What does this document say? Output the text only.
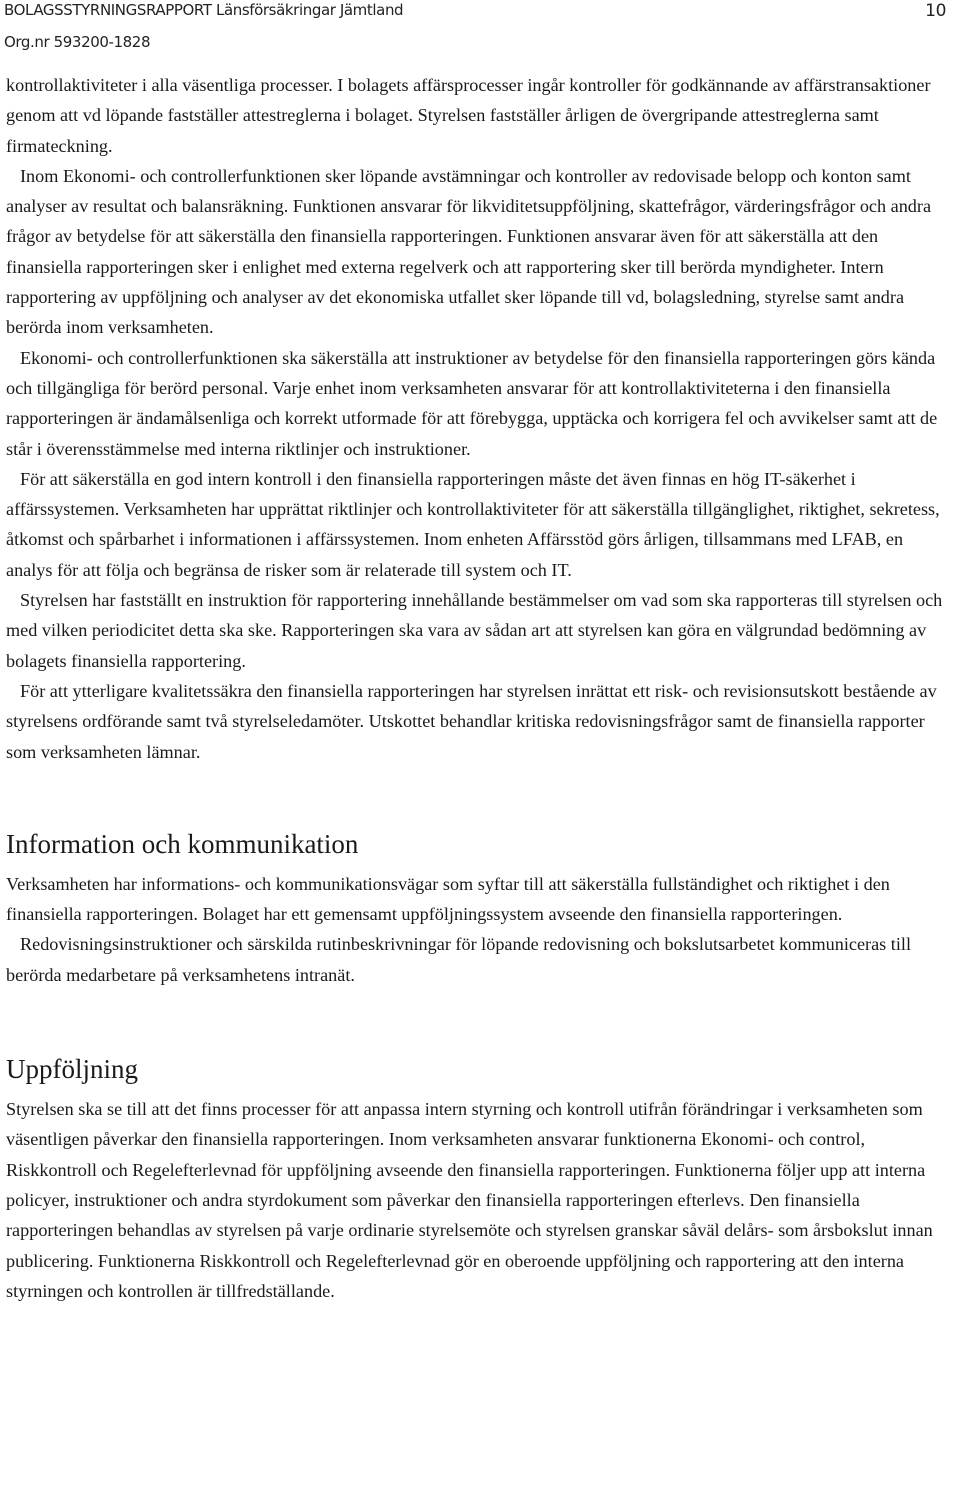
BOLAGSSTYRNINGSRAPPORT Länsförsäkringar Jämtland
Org.nr 593200-1828
10

kontrollaktiviteter i alla väsentliga processer. I bolagets affärsprocesser ingår kontroller för godkännande av affärstransaktioner genom att vd löpande fastställer attestreglerna i bolaget. Styrelsen fastställer årligen de övergripande attestreglerna samt firmateckning.

Inom Ekonomi- och controllerfunktionen sker löpande avstämningar och kontroller av redovisade belopp och konton samt analyser av resultat och balansräkning. Funktionen ansvarar för likviditetsuppföljning, skattefrågor, värderingsfrågor och andra frågor av betydelse för att säkerställa den finansiella rapporteringen. Funktionen ansvarar även för att säkerställa att den finansiella rapporteringen sker i enlighet med externa regelverk och att rapportering sker till berörda myndigheter. Intern rapportering av uppföljning och analyser av det ekonomiska utfallet sker löpande till vd, bolagsledning, styrelse samt andra berörda inom verksamheten.

Ekonomi- och controllerfunktionen ska säkerställa att instruktioner av betydelse för den finansiella rapporteringen görs kända och tillgängliga för berörd personal. Varje enhet inom verksamheten ansvarar för att kontrollaktiviteterna i den finansiella rapporteringen är ändamålsenliga och korrekt utformade för att förebygga, upptäcka och korrigera fel och avvikelser samt att de står i överensstämmelse med interna riktlinjer och instruktioner.

För att säkerställa en god intern kontroll i den finansiella rapporteringen måste det även finnas en hög IT-säkerhet i affärssystemen. Verksamheten har upprättat riktlinjer och kontrollaktiviteter för att säkerställa tillgänglighet, riktighet, sekretess, åtkomst och spårbarhet i informationen i affärssystemen. Inom enheten Affärsstöd görs årligen, tillsammans med LFAB, en analys för att följa och begränsa de risker som är relaterade till system och IT.

Styrelsen har fastställt en instruktion för rapportering innehållande bestämmelser om vad som ska rapporteras till styrelsen och med vilken periodicitet detta ska ske. Rapporteringen ska vara av sådan art att styrelsen kan göra en välgrundad bedömning av bolagets finansiella rapportering.

För att ytterligare kvalitetssäkra den finansiella rapporteringen har styrelsen inrättat ett risk- och revisionsutskott bestående av styrelsens ordförande samt två styrelseledamöter. Utskottet behandlar kritiska redovisningsfrågor samt de finansiella rapporter som verksamheten lämnar.

Information och kommunikation

Verksamheten har informations- och kommunikationsvägar som syftar till att säkerställa fullständighet och riktighet i den finansiella rapporteringen. Bolaget har ett gemensamt uppföljningssystem avseende den finansiella rapporteringen.

Redovisningsinstruktioner och särskilda rutinbeskrivningar för löpande redovisning och bokslutsarbetet kommuniceras till berörda medarbetare på verksamhetens intranät.

Uppföljning

Styrelsen ska se till att det finns processer för att anpassa intern styrning och kontroll utifrån förändringar i verksamheten som väsentligen påverkar den finansiella rapporteringen. Inom verksamheten ansvarar funktionerna Ekonomi- och control, Riskkontroll och Regelefterlevnad för uppföljning avseende den finansiella rapporteringen. Funktionerna följer upp att interna policyer, instruktioner och andra styrdokument som påverkar den finansiella rapporteringen efterlevs. Den finansiella rapporteringen behandlas av styrelsen på varje ordinarie styrelsemöte och styrelsen granskar såväl delårs- som årsbokslut innan publicering. Funktionerna Riskkontroll och Regelefterlevnad gör en oberoende uppföljning och rapportering att den interna styrningen och kontrollen är tillfredställande.
